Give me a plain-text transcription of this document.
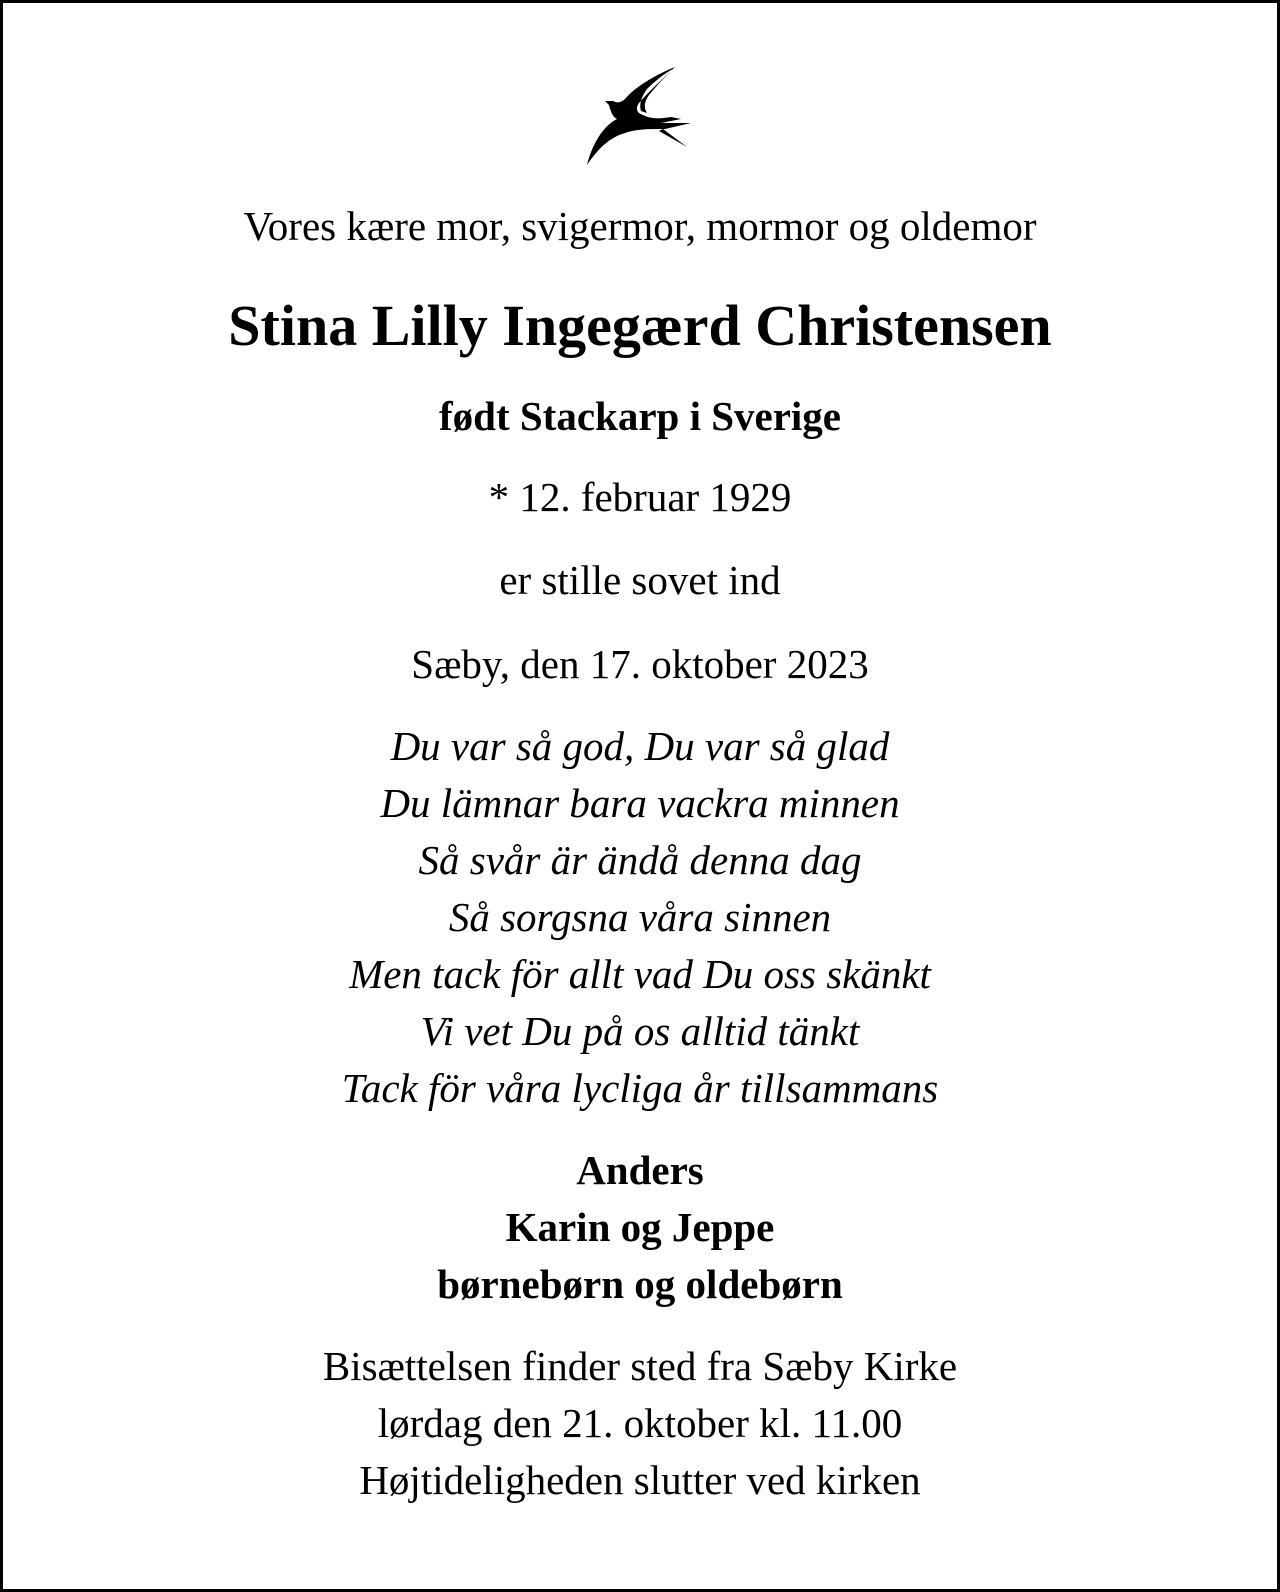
Vores kære mor, svigermor, mormor og oldemor
Stina Lilly Ingegærd Christensen
født Stackarp i Sverige
* 12. februar 1929
er stille sovet ind
Sæby, den 17. oktober 2023
Du var så god, Du var så glad
Du lämnar bara vackra minnen
Så svår är ändå denna dag
Så sorgsna våra sinnen
Men tack för allt vad Du oss skänkt
Vi vet Du på os alltid tänkt
Tack för våra lycliga år tillsammans
Anders
Karin og Jeppe
børnebørn og oldebørn
Bisættelsen finder sted fra Sæby Kirke
lørdag den 21. oktober kl. 11.00
Højtideligheden slutter ved kirken
